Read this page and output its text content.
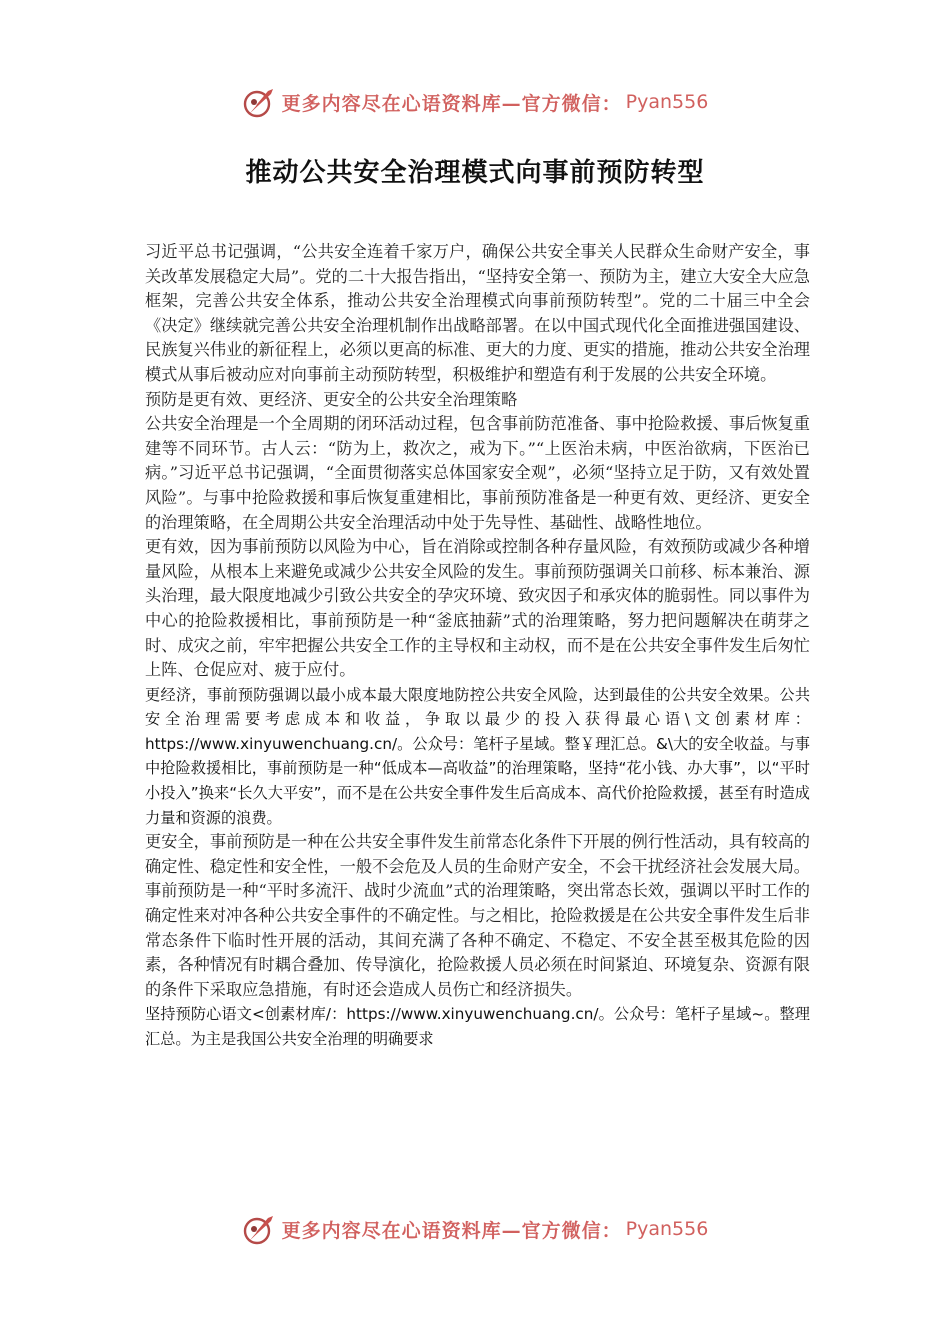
更多内容尽在心语资料库—官方微信： Pyan556
推动公共安全治理模式向事前预防转型

习近平总书记强调，“公共安全连着千家万户，确保公共安全事关人民群众生命财产安全，事关改革发展稳定大局”。党的二十大报告指出，“坚持安全第一、预防为主，建立大安全大应急框架，完善公共安全体系，推动公共安全治理模式向事前预防转型”。党的二十届三中全会《决定》继续就完善公共安全治理机制作出战略部署。在以中国式现代化全面推进强国建设、民族复兴伟业的新征程上，必须以更高的标准、更大的力度、更实的措施，推动公共安全治理模式从事后被动应对向事前主动预防转型，积极维护和塑造有利于发展的公共安全环境。

预防是更有效、更经济、更安全的公共安全治理策略

公共安全治理是一个全周期的闭环活动过程，包含事前防范准备、事中抢险救援、事后恢复重建等不同环节。古人云：“防为上，救次之，戒为下。”“上医治未病，中医治欲病，下医治已病。”习近平总书记强调，“全面贯彻落实总体国家安全观”，必须“坚持立足于防，又有效处置风险”。与事中抢险救援和事后恢复重建相比，事前预防准备是一种更有效、更经济、更安全的治理策略，在全周期公共安全治理活动中处于先导性、基础性、战略性地位。

更有效，因为事前预防以风险为中心，旨在消除或控制各种存量风险，有效预防或减少各种增量风险，从根本上来避免或减少公共安全风险的发生。事前预防强调关口前移、标本兼治、源头治理，最大限度地减少引致公共安全的孕灾环境、致灾因子和承灾体的脆弱性。同以事件为中心的抢险救援相比，事前预防是一种“釜底抽薪”式的治理策略，努力把问题解决在萌芽之时、成灾之前，牢牢把握公共安全工作的主导权和主动权，而不是在公共安全事件发生后匆忙上阵、仓促应对、疲于应付。

更经济，事前预防强调以最小成本最大限度地防控公共安全风险，达到最佳的公共安全效果。公共安全治理需要考虑成本和收益，争取以最少的投入获得最心语\文创素材库：https://www.xinyuwenchuang.cn/。公众号：笔杆子星域。整￥理汇总。&\大的安全收益。与事中抢险救援相比，事前预防是一种“低成本—高收益”的治理策略，坚持“花小钱、办大事”，以“平时小投入”换来“长久大平安”，而不是在公共安全事件发生后高成本、高代价抢险救援，甚至有时造成力量和资源的浪费。

更安全，事前预防是一种在公共安全事件发生前常态化条件下开展的例行性活动，具有较高的确定性、稳定性和安全性，一般不会危及人员的生命财产安全，不会干扰经济社会发展大局。事前预防是一种“平时多流汗、战时少流血”式的治理策略，突出常态长效，强调以平时工作的确定性来对冲各种公共安全事件的不确定性。与之相比，抢险救援是在公共安全事件发生后非常态条件下临时性开展的活动，其间充满了各种不确定、不稳定、不安全甚至极其危险的因素，各种情况有时耦合叠加、传导演化，抢险救援人员必须在时间紧迫、环境复杂、资源有限的条件下采取应急措施，有时还会造成人员伤亡和经济损失。

坚持预防心语文<创素材库/：https://www.xinyuwenchuang.cn/。公众号：笔杆子星域~。整理汇总。为主是我国公共安全治理的明确要求

更多内容尽在心语资料库—官方微信： Pyan556
